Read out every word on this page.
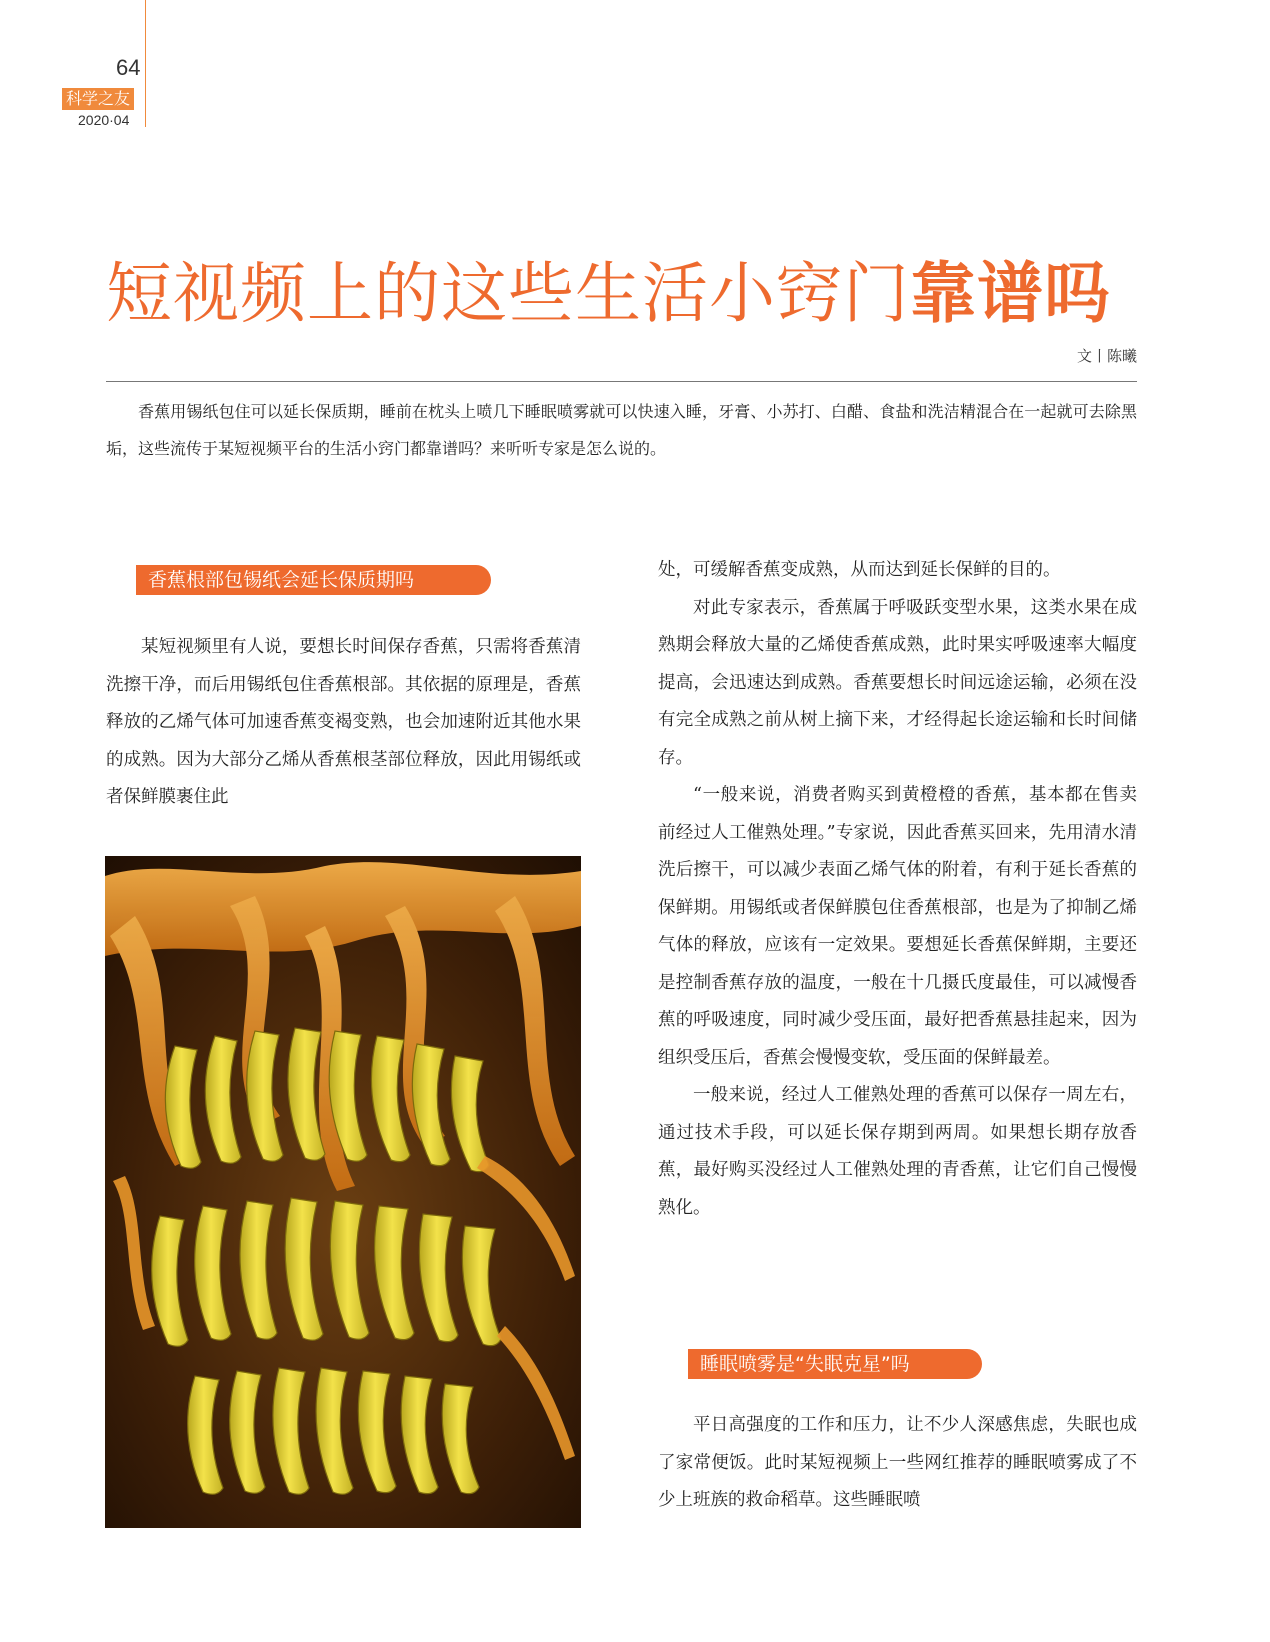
64
科学之友
2020·04
短视频上的这些生活小窍门靠谱吗
文丨陈曦

香蕉用锡纸包住可以延长保质期，睡前在枕头上喷几下睡眠喷雾就可以快速入睡，牙膏、小苏打、白醋、食盐和洗洁精混合在一起就可去除黑垢，这些流传于某短视频平台的生活小窍门都靠谱吗？来听听专家是怎么说的。

香蕉根部包锡纸会延长保质期吗

某短视频里有人说，要想长时间保存香蕉，只需将香蕉清洗擦干净，而后用锡纸包住香蕉根部。其依据的原理是，香蕉释放的乙烯气体可加速香蕉变褐变熟，也会加速附近其他水果的成熟。因为大部分乙烯从香蕉根茎部位释放，因此用锡纸或者保鲜膜裹住此

处，可缓解香蕉变成熟，从而达到延长保鲜的目的。

对此专家表示，香蕉属于呼吸跃变型水果，这类水果在成熟期会释放大量的乙烯使香蕉成熟，此时果实呼吸速率大幅度提高，会迅速达到成熟。香蕉要想长时间远途运输，必须在没有完全成熟之前从树上摘下来，才经得起长途运输和长时间储存。

“一般来说，消费者购买到黄橙橙的香蕉，基本都在售卖前经过人工催熟处理。”专家说，因此香蕉买回来，先用清水清洗后擦干，可以减少表面乙烯气体的附着，有利于延长香蕉的保鲜期。用锡纸或者保鲜膜包住香蕉根部，也是为了抑制乙烯气体的释放，应该有一定效果。要想延长香蕉保鲜期，主要还是控制香蕉存放的温度，一般在十几摄氏度最佳，可以减慢香蕉的呼吸速度，同时减少受压面，最好把香蕉悬挂起来，因为组织受压后，香蕉会慢慢变软，受压面的保鲜最差。

一般来说，经过人工催熟处理的香蕉可以保存一周左右，通过技术手段，可以延长保存期到两周。如果想长期存放香蕉，最好购买没经过人工催熟处理的青香蕉，让它们自己慢慢熟化。

睡眠喷雾是“失眠克星”吗

平日高强度的工作和压力，让不少人深感焦虑，失眠也成了家常便饭。此时某短视频上一些网红推荐的睡眠喷雾成了不少上班族的救命稻草。这些睡眠喷
